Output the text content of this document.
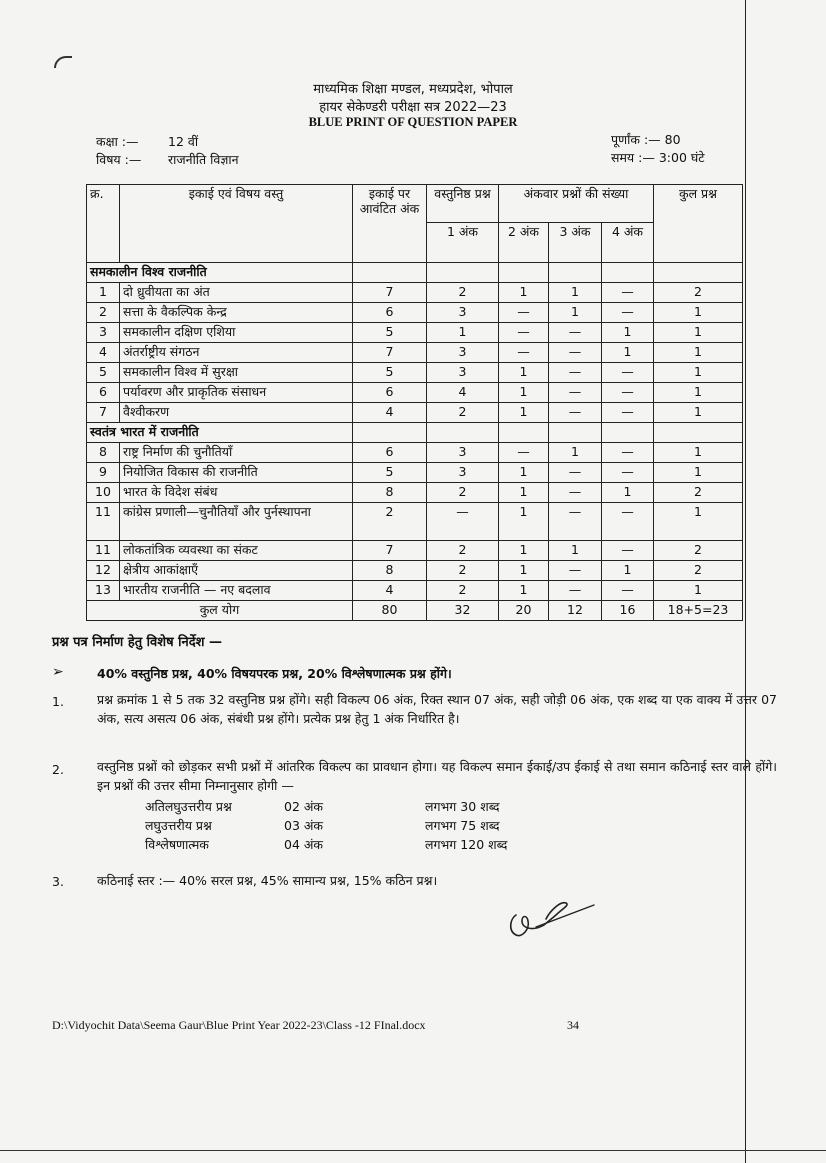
माध्यमिक शिक्षा मण्डल, मध्यप्रदेश, भोपाल
हायर सेकेण्डरी परीक्षा सत्र 2022—23
BLUE PRINT OF QUESTION PAPER
कक्षा :— 12 वीं
विषय :— राजनीति विज्ञान
पूर्णांक :— 80
समय :— 3:00 घंटे
क्र.	इकाई एवं विषय वस्तु	इकाई पर आवंटित अंक	वस्तुनिष्ठ प्रश्न	अंकवार प्रश्नों की संख्या			कुल प्रश्न
			1 अंक	2 अंक	3 अंक	4 अंक	
समकालीन विश्व राजनीति							
1	दो ध्रुवीयता का अंत	7	2	1	1	—	2
2	सत्ता के वैकल्पिक केन्द्र	6	3	—	1	—	1
3	समकालीन दक्षिण एशिया	5	1	—	—	1	1
4	अंतर्राष्ट्रीय संगठन	7	3	—	—	1	1
5	समकालीन विश्व में सुरक्षा	5	3	1	—	—	1
6	पर्यावरण और प्राकृतिक संसाधन	6	4	1	—	—	1
7	वैश्वीकरण	4	2	1	—	—	1
स्वतंत्र भारत में राजनीति							
8	राष्ट्र निर्माण की चुनौतियाँ	6	3	—	1	—	1
9	नियोजित विकास की राजनीति	5	3	1	—	—	1
10	भारत के विदेश संबंध	8	2	1	—	1	2
11	कांग्रेस प्रणाली—चुनौतियाँ और पुर्नस्थापना	2	—	1	—	—	1
11	लोकतांत्रिक व्यवस्था का संकट	7	2	1	1	—	2
12	क्षेत्रीय आकांक्षाऍं	8	2	1	—	1	2
13	भारतीय राजनीति — नए बदलाव	4	2	1	—	—	1
कुल योग		80	32	20	12	16	18+5=23
प्रश्न पत्र निर्माण हेतु विशेष निर्देश —
➢	40% वस्तुनिष्ठ प्रश्न, 40% विषयपरक प्रश्न, 20% विश्लेषणात्मक प्रश्न होंगे।
1.	प्रश्न क्रमांक 1 से 5 तक 32 वस्तुनिष्ठ प्रश्न होंगे। सही विकल्प 06 अंक, रिक्त स्थान 07 अंक, सही जोड़ी 06 अंक, एक शब्द या एक वाक्य में उत्तर 07 अंक, सत्य असत्य 06 अंक, संबंधी प्रश्न होंगे। प्रत्येक प्रश्न हेतु 1 अंक निर्धारित है।
2.	वस्तुनिष्ठ प्रश्नों को छोड़कर सभी प्रश्नों में आंतरिक विकल्प का प्रावधान होगा। यह विकल्प समान ईकाई/उप ईकाई से तथा समान कठिनाई स्तर वाले होंगे। इन प्रश्नों की उत्तर सीमा निम्नानुसार होगी —
अतिलघुउत्तरीय प्रश्न	02 अंक	लगभग 30 शब्द
लघुउत्तरीय प्रश्न	03 अंक	लगभग 75 शब्द
विश्लेषणात्मक	04 अंक	लगभग 120 शब्द
3.	कठिनाई स्तर :— 40% सरल प्रश्न, 45% सामान्य प्रश्न, 15% कठिन प्रश्न।
D:\Vidyochit Data\Seema Gaur\Blue Print Year 2022-23\Class -12 FInal.docx	34
